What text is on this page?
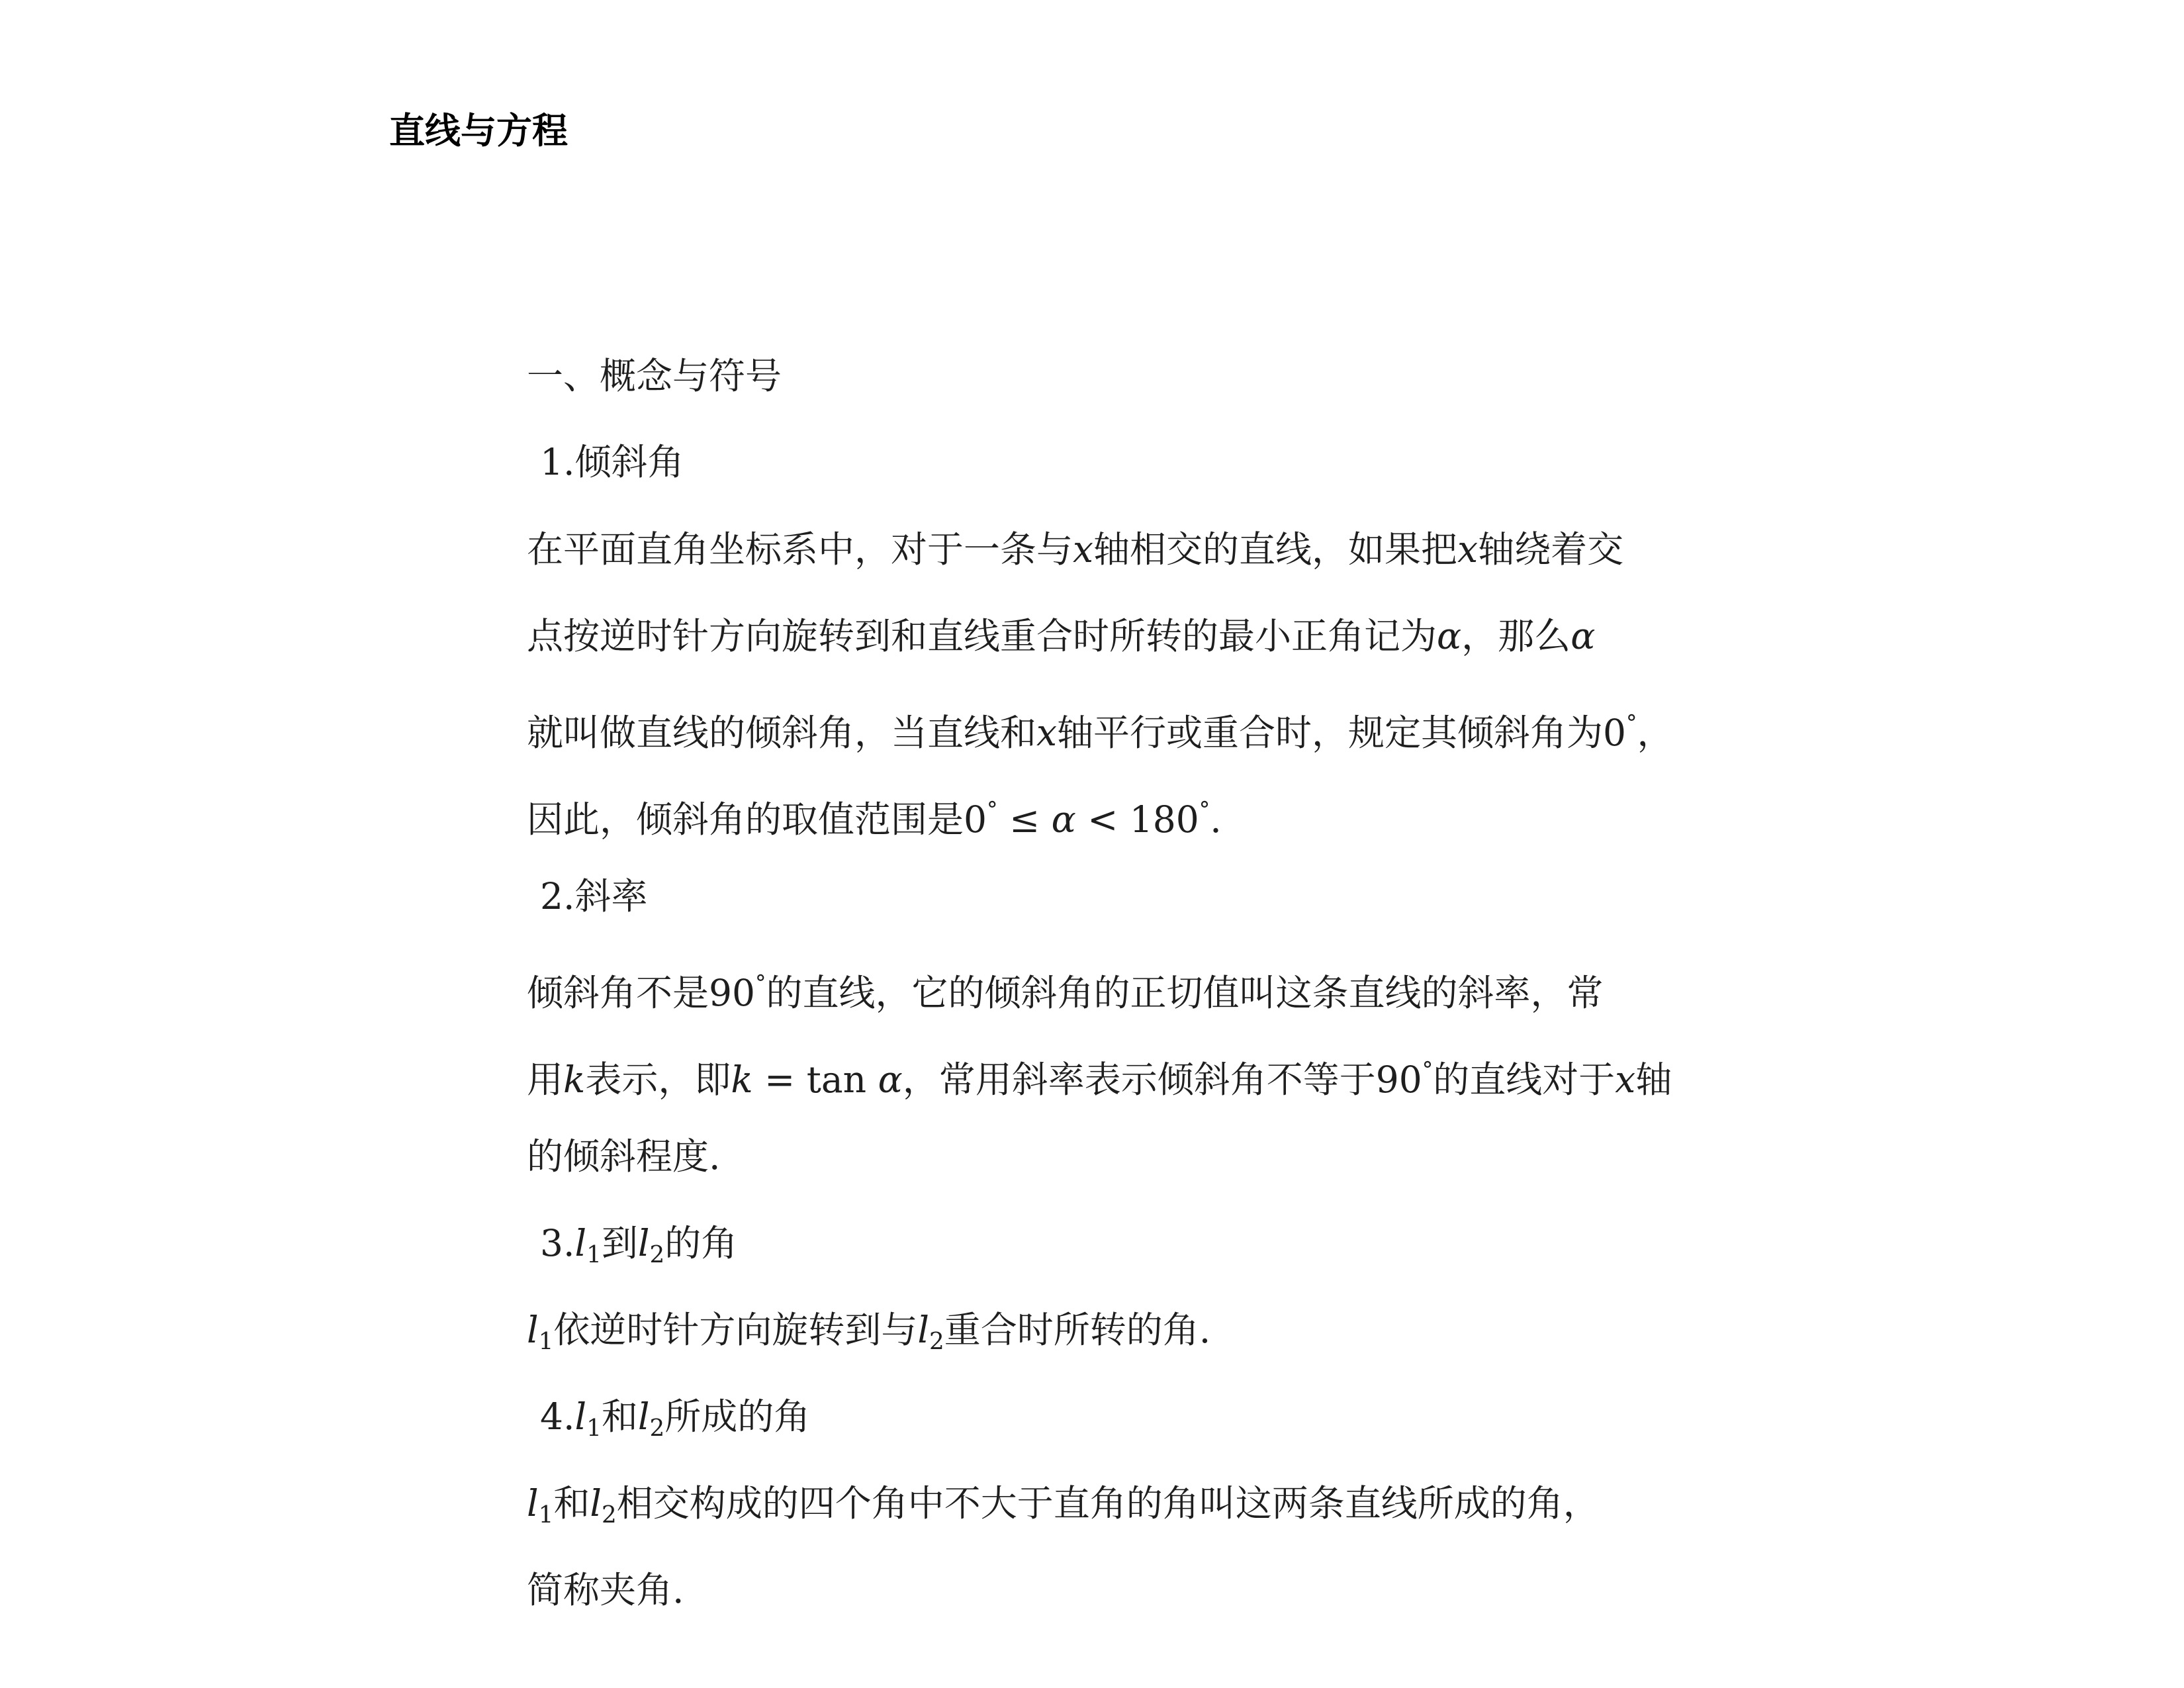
直线与方程
一、概念与符号
1.倾斜角
在平面直角坐标系中，对于一条与x轴相交的直线，如果把x轴绕着交
点按逆时针方向旋转到和直线重合时所转的最小正角记为α，那么α
就叫做直线的倾斜角，当直线和x轴平行或重合时，规定其倾斜角为0°，
因此，倾斜角的取值范围是0° ≤ α < 180°.
2.斜率
倾斜角不是90°的直线，它的倾斜角的正切值叫这条直线的斜率，常
用k表示，即k = tan α，常用斜率表示倾斜角不等于90°的直线对于x轴
的倾斜程度.
$3.l_1$到$l_2$的角
$l_1$依逆时针方向旋转到与$l_2$重合时所转的角.
$4.l_1$和$l_2$所成的角
$l_1$和$l_2$相交构成的四个角中不大于直角的角叫这两条直线所成的角，
简称夹角.
